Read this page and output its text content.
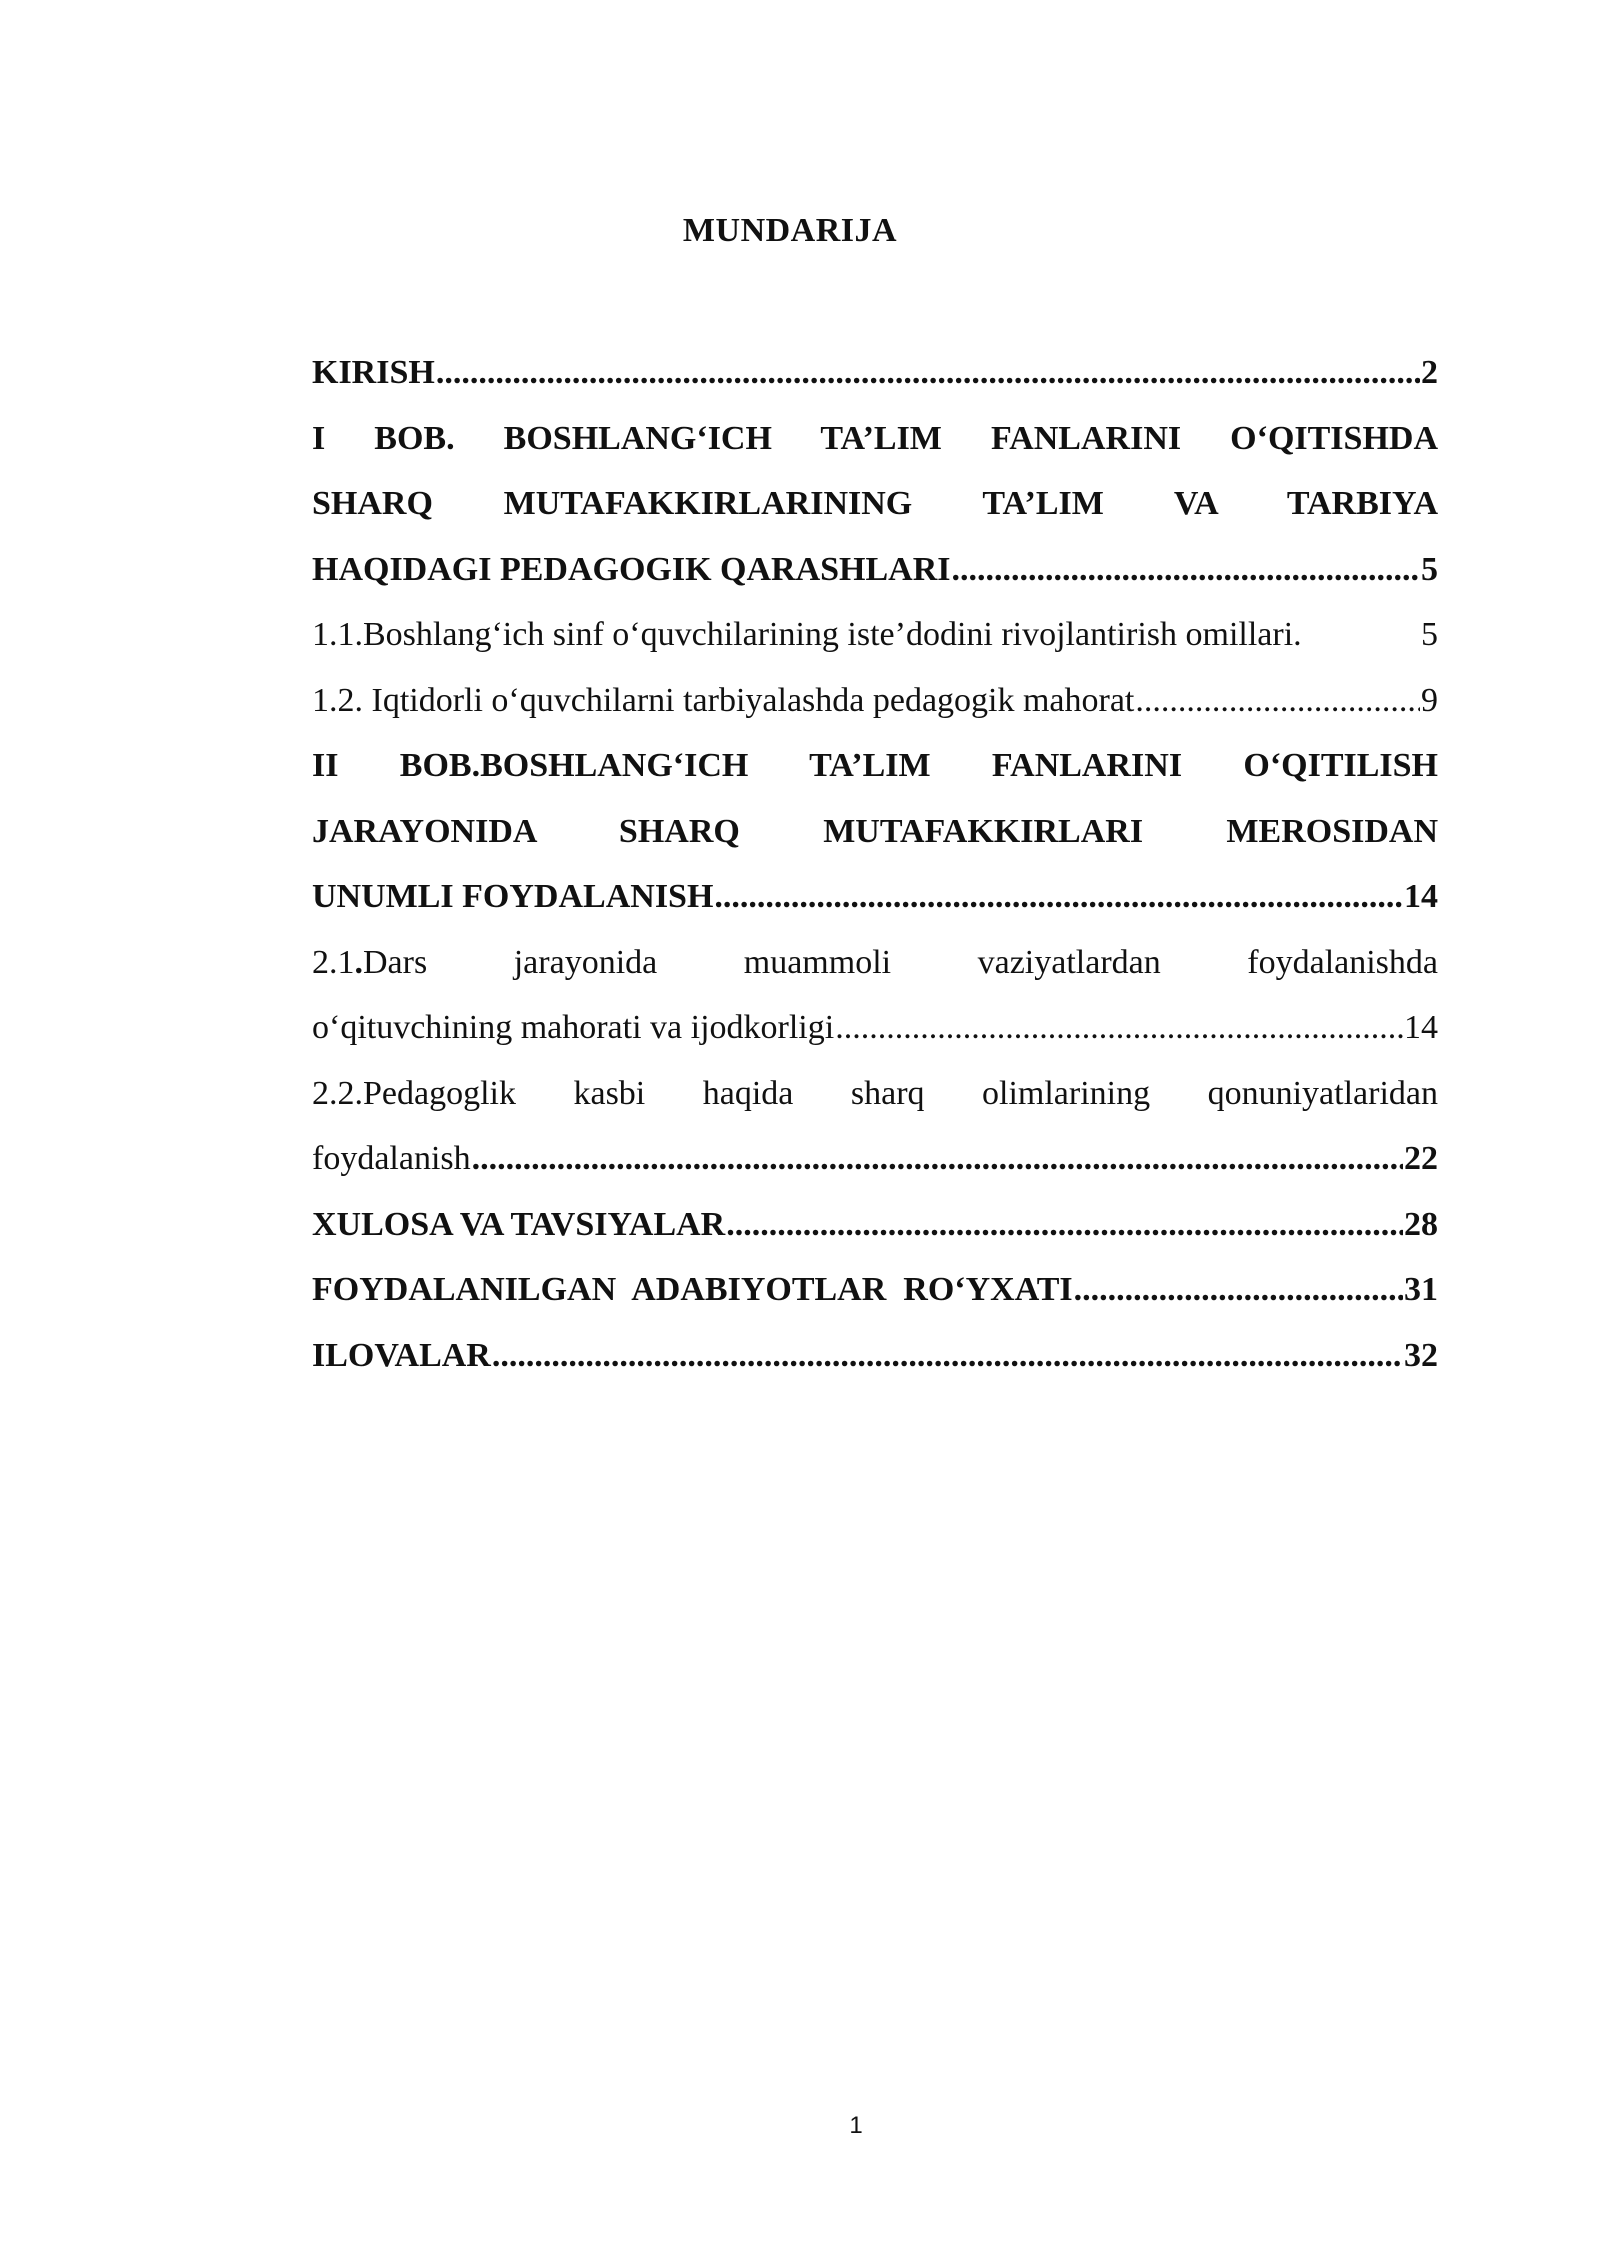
MUNDARIJA
KIRISH .....	2
I BOB. BOSHLANG‘ICH TA’LIM FANLARINI O‘QITISHDA
SHARQ MUTAFAKKIRLARINING TA’LIM VA TARBIYA
HAQIDAGI PEDAGOGIK QARASHLARI .....	5
1.1.Boshlang‘ich sinf o‘quvchilarining iste’dodini rivojlantirish omillari.	5
1.2. Iqtidorli o‘quvchilarni tarbiyalashda pedagogik mahorat .....	9
II BOB.BOSHLANG‘ICH TA’LIM FANLARINI O‘QITILISH
JARAYONIDA SHARQ MUTAFAKKIRLARI MEROSIDAN
UNUMLI FOYDALANISH .....	14
2.1.Dars jarayonida muammoli vaziyatlardan foydalanishda
o‘qituvchining mahorati va ijodkorligi .....	14
2.2.Pedagoglik kasbi haqida sharq olimlarining qonuniyatlaridan
foydalanish .....	22
XULOSA VA TAVSIYALAR .....	28
FOYDALANILGAN  ADABIYOTLAR  RO‘YXATI .....	31
ILOVALAR .....	32
1
